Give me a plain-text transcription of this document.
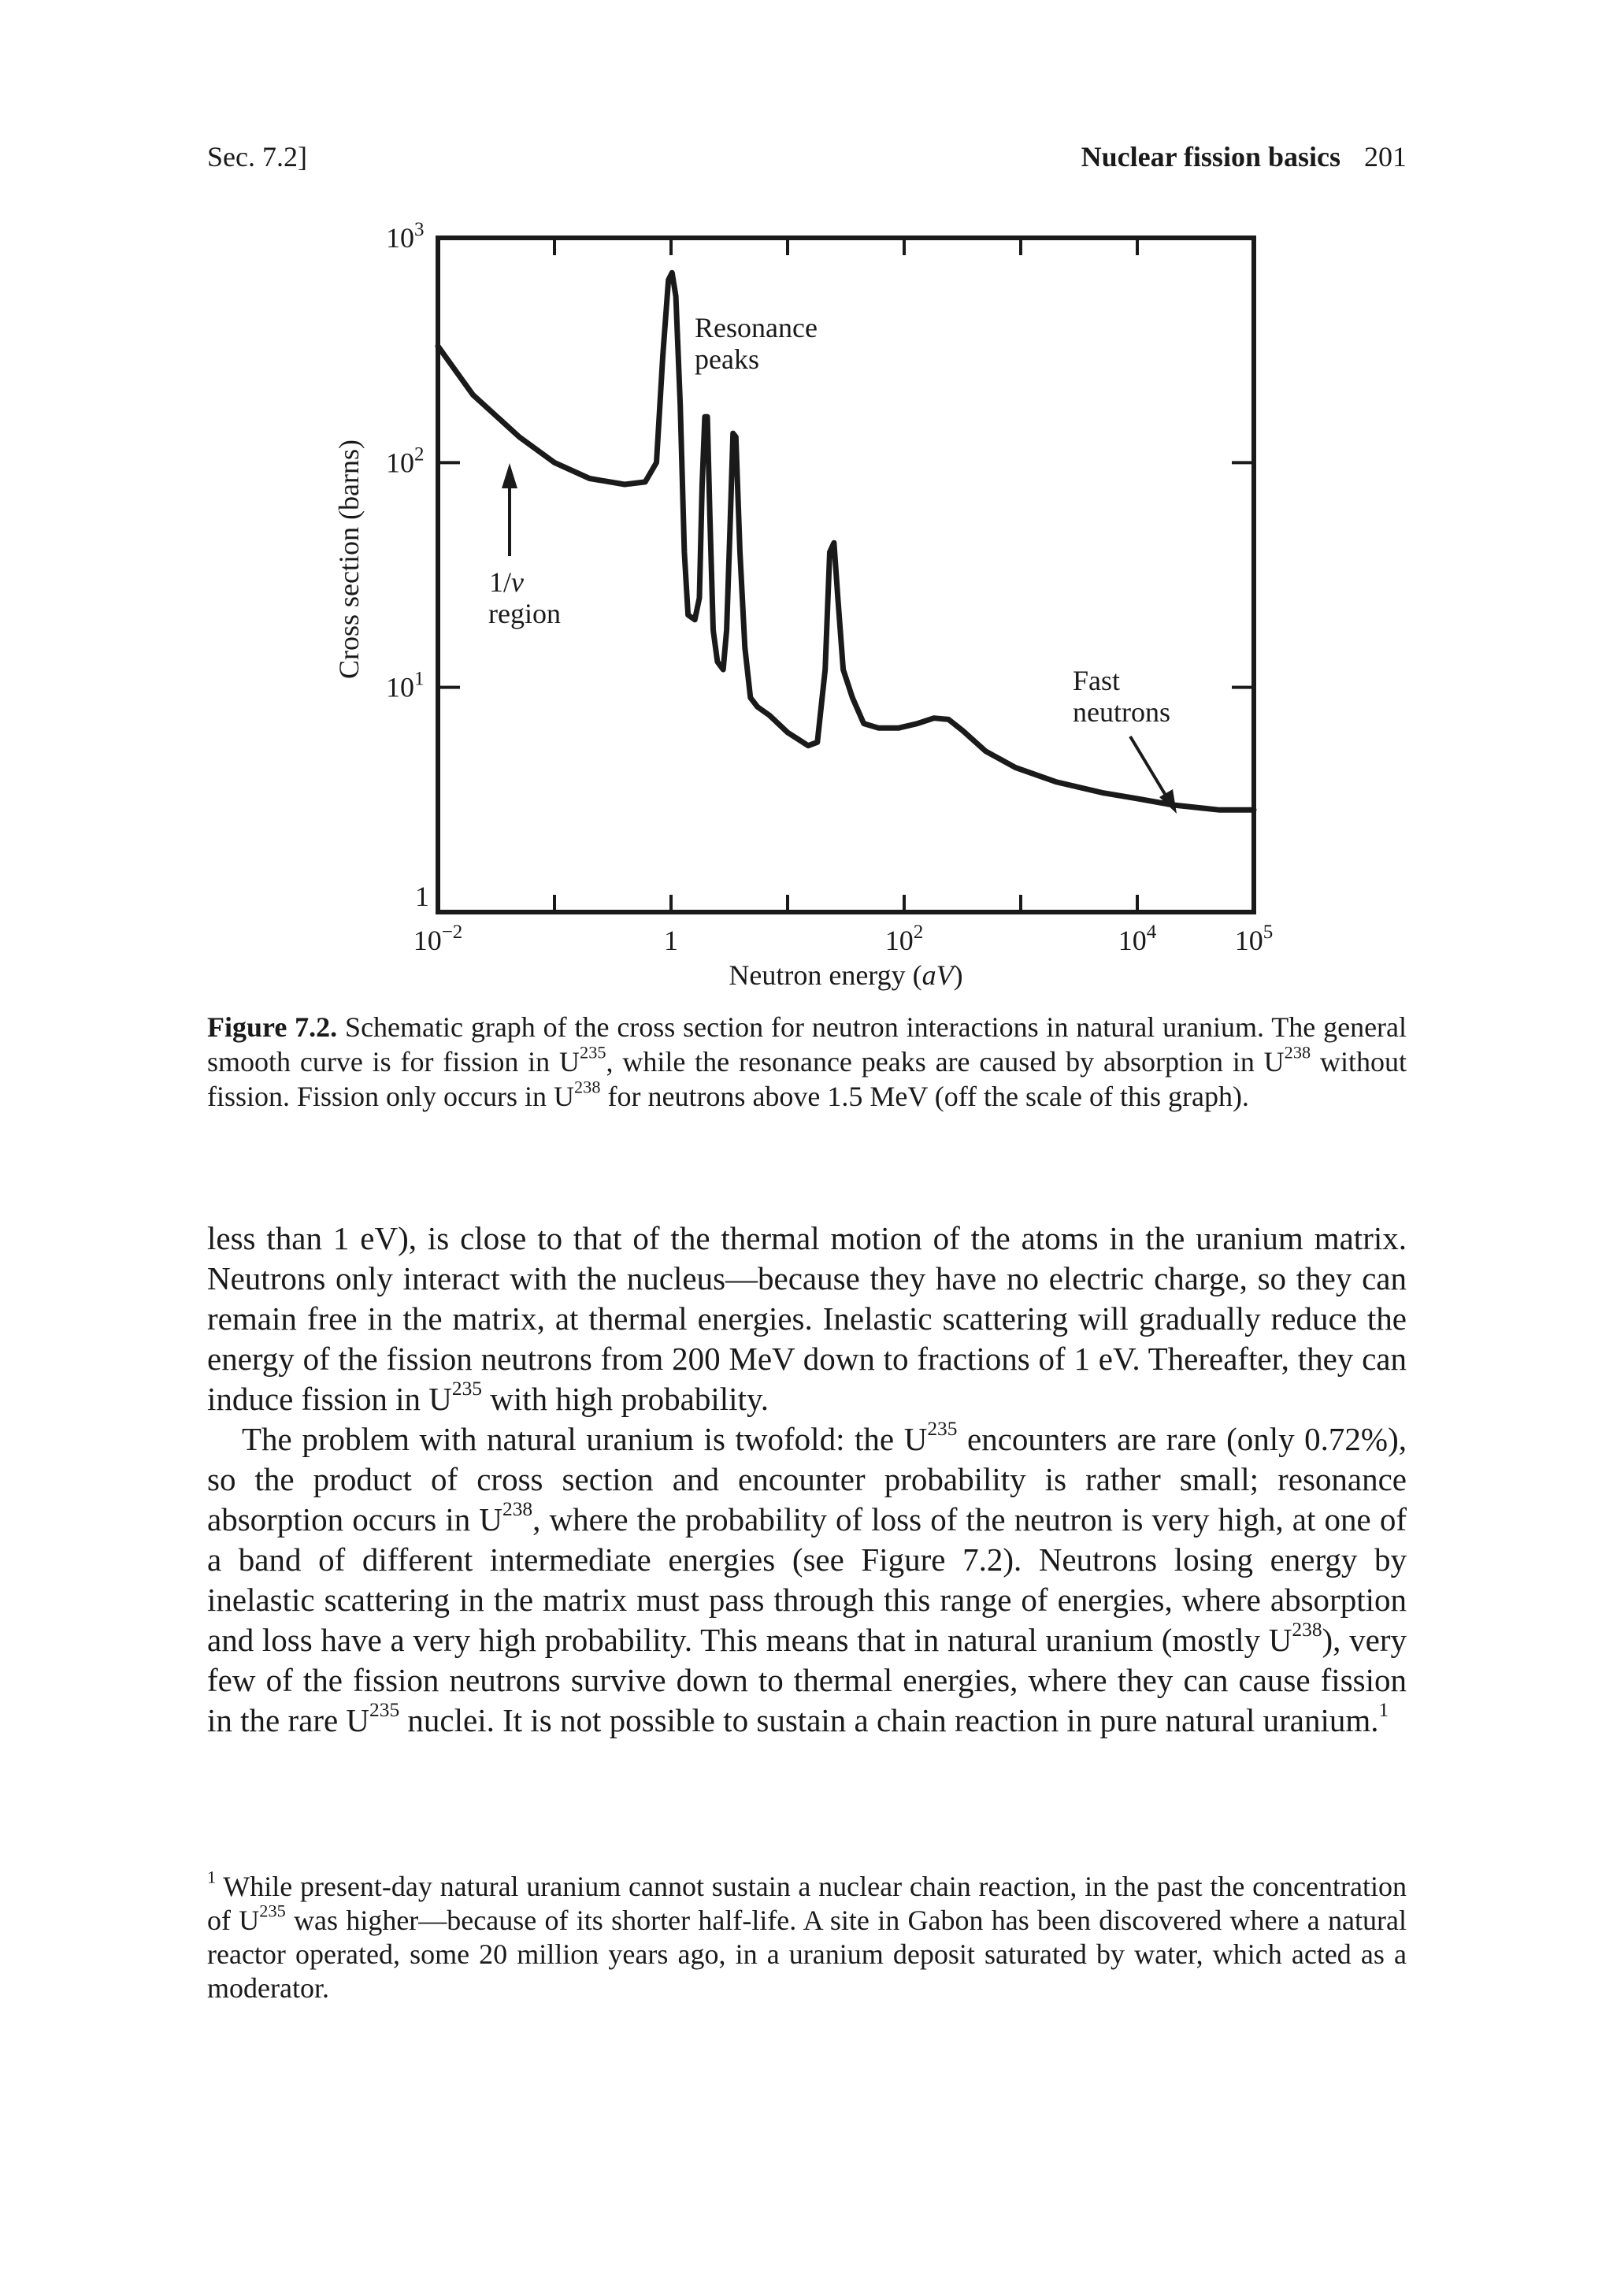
Sec. 7.2]	Nuclear fission basics 201
$10^{-2}$	1	$10^2$	$10^4$	$10^5$
1
$10^1$
$10^2$
$10^3$
Neutron energy (aV)
Cross section (barns)
Resonance peaks
1/v region
Fast neutrons
Figure 7.2. Schematic graph of the cross section for neutron interactions in natural uranium. The general smooth curve is for fission in $U^{235}$, while the resonance peaks are caused by absorption in $U^{238}$ without fission. Fission only occurs in $U^{238}$ for neutrons above 1.5 MeV (off the scale of this graph).

less than 1 eV), is close to that of the thermal motion of the atoms in the uranium matrix. Neutrons only interact with the nucleus—because they have no electric charge, so they can remain free in the matrix, at thermal energies. Inelastic scattering will gradually reduce the energy of the fission neutrons from 200 MeV down to fractions of 1 eV. Thereafter, they can induce fission in $U^{235}$ with high probability.

The problem with natural uranium is twofold: the $U^{235}$ encounters are rare (only 0.72%), so the product of cross section and encounter probability is rather small; resonance absorption occurs in $U^{238}$, where the probability of loss of the neutron is very high, at one of a band of different intermediate energies (see Figure 7.2). Neutrons losing energy by inelastic scattering in the matrix must pass through this range of energies, where absorption and loss have a very high probability. This means that in natural uranium (mostly $U^{238}$), very few of the fission neutrons survive down to thermal energies, where they can cause fission in the rare $U^{235}$ nuclei. It is not possible to sustain a chain reaction in pure natural uranium.$^1$

$^1$ While present-day natural uranium cannot sustain a nuclear chain reaction, in the past the concentration of $U^{235}$ was higher—because of its shorter half-life. A site in Gabon has been discovered where a natural reactor operated, some 20 million years ago, in a uranium deposit saturated by water, which acted as a moderator.
